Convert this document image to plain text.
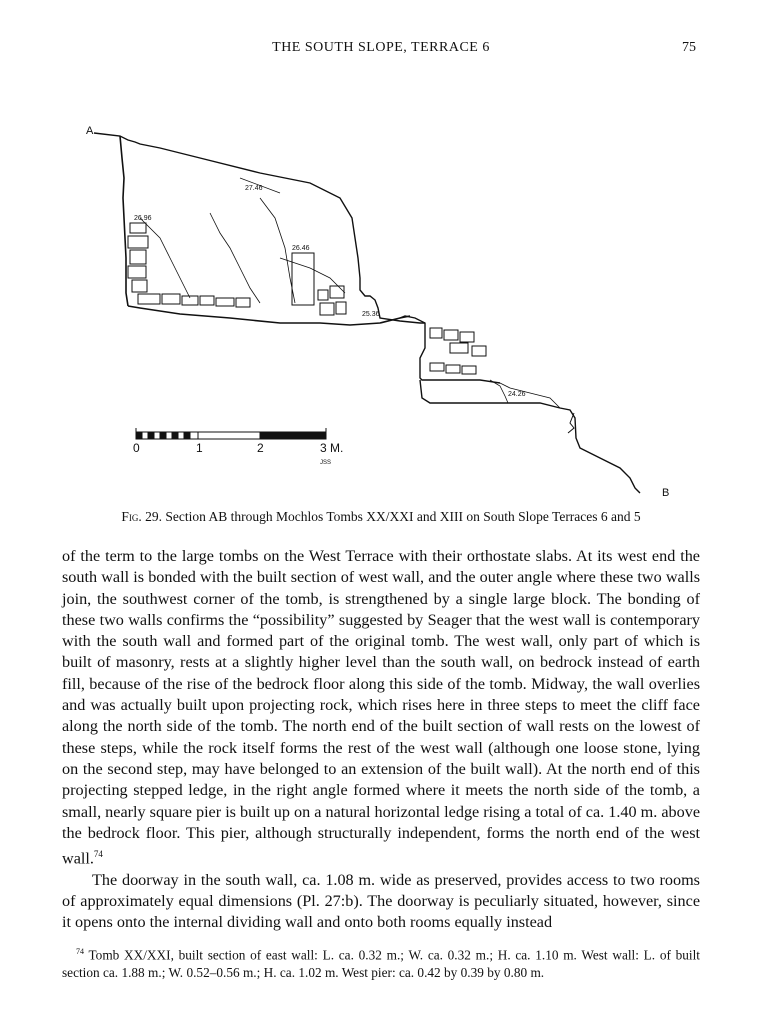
THE SOUTH SLOPE, TERRACE 6	75
A
B
27.46
26.96
26.46
25.36
24.26
0	1	2	3 M.
JSS
Fig. 29. Section AB through Mochlos Tombs XX/XXI and XIII on South Slope Terraces 6 and 5

of the term to the large tombs on the West Terrace with their orthostate slabs. At its west end the south wall is bonded with the built section of west wall, and the outer angle where these two walls join, the southwest corner of the tomb, is strengthened by a single large block. The bonding of these two walls confirms the “possibility” suggested by Seager that the west wall is contemporary with the south wall and formed part of the original tomb. The west wall, only part of which is built of masonry, rests at a slightly higher level than the south wall, on bedrock instead of earth fill, because of the rise of the bedrock floor along this side of the tomb. Midway, the wall overlies and was actually built upon projecting rock, which rises here in three steps to meet the cliff face along the north side of the tomb. The north end of the built section of wall rests on the lowest of these steps, while the rock itself forms the rest of the west wall (although one loose stone, lying on the second step, may have belonged to an extension of the built wall). At the north end of this projecting stepped ledge, in the right angle formed where it meets the north side of the tomb, a small, nearly square pier is built up on a natural horizontal ledge rising a total of ca. 1.40 m. above the bedrock floor. This pier, although structurally independent, forms the north end of the west wall.$^{74}$

The doorway in the south wall, ca. 1.08 m. wide as preserved, provides access to two rooms of approximately equal dimensions (Pl. 27:b). The doorway is peculiarly situated, however, since it opens onto the internal dividing wall and onto both rooms equally instead

$^{74}$ Tomb XX/XXI, built section of east wall: L. ca. 0.32 m.; W. ca. 0.32 m.; H. ca. 1.10 m. West wall: L. of built section ca. 1.88 m.; W. 0.52–0.56 m.; H. ca. 1.02 m. West pier: ca. 0.42 by 0.39 by 0.80 m.
